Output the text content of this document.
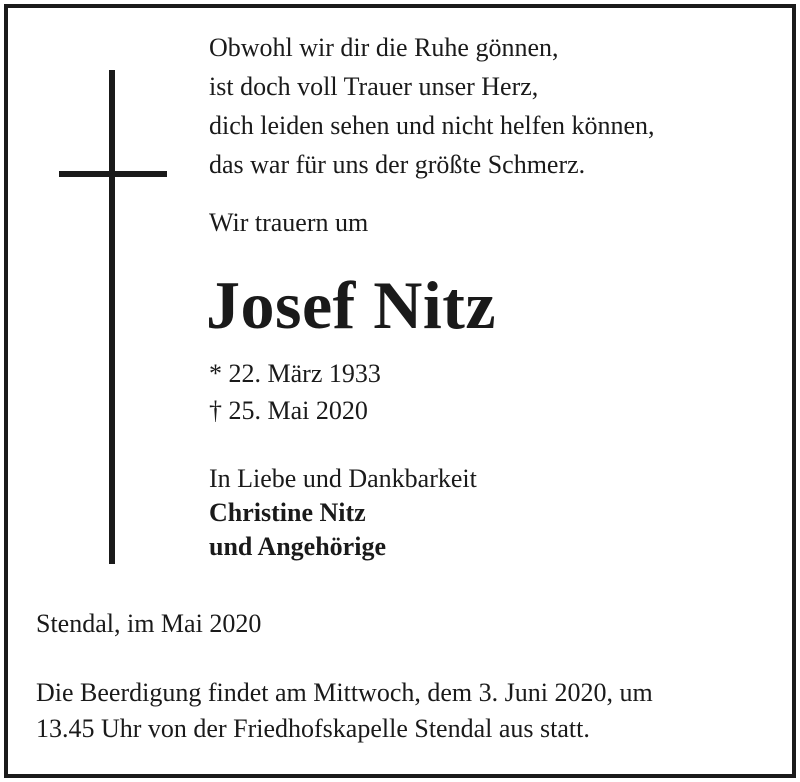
Obwohl wir dir die Ruhe gönnen,
ist doch voll Trauer unser Herz,
dich leiden sehen und nicht helfen können,
das war für uns der größte Schmerz.
Wir trauern um
Josef Nitz
* 22. März 1933
† 25. Mai 2020
In Liebe und Dankbarkeit
Christine Nitz
und Angehörige
Stendal, im Mai 2020
Die Beerdigung findet am Mittwoch, dem 3. Juni 2020, um
13.45 Uhr von der Friedhofskapelle Stendal aus statt.
